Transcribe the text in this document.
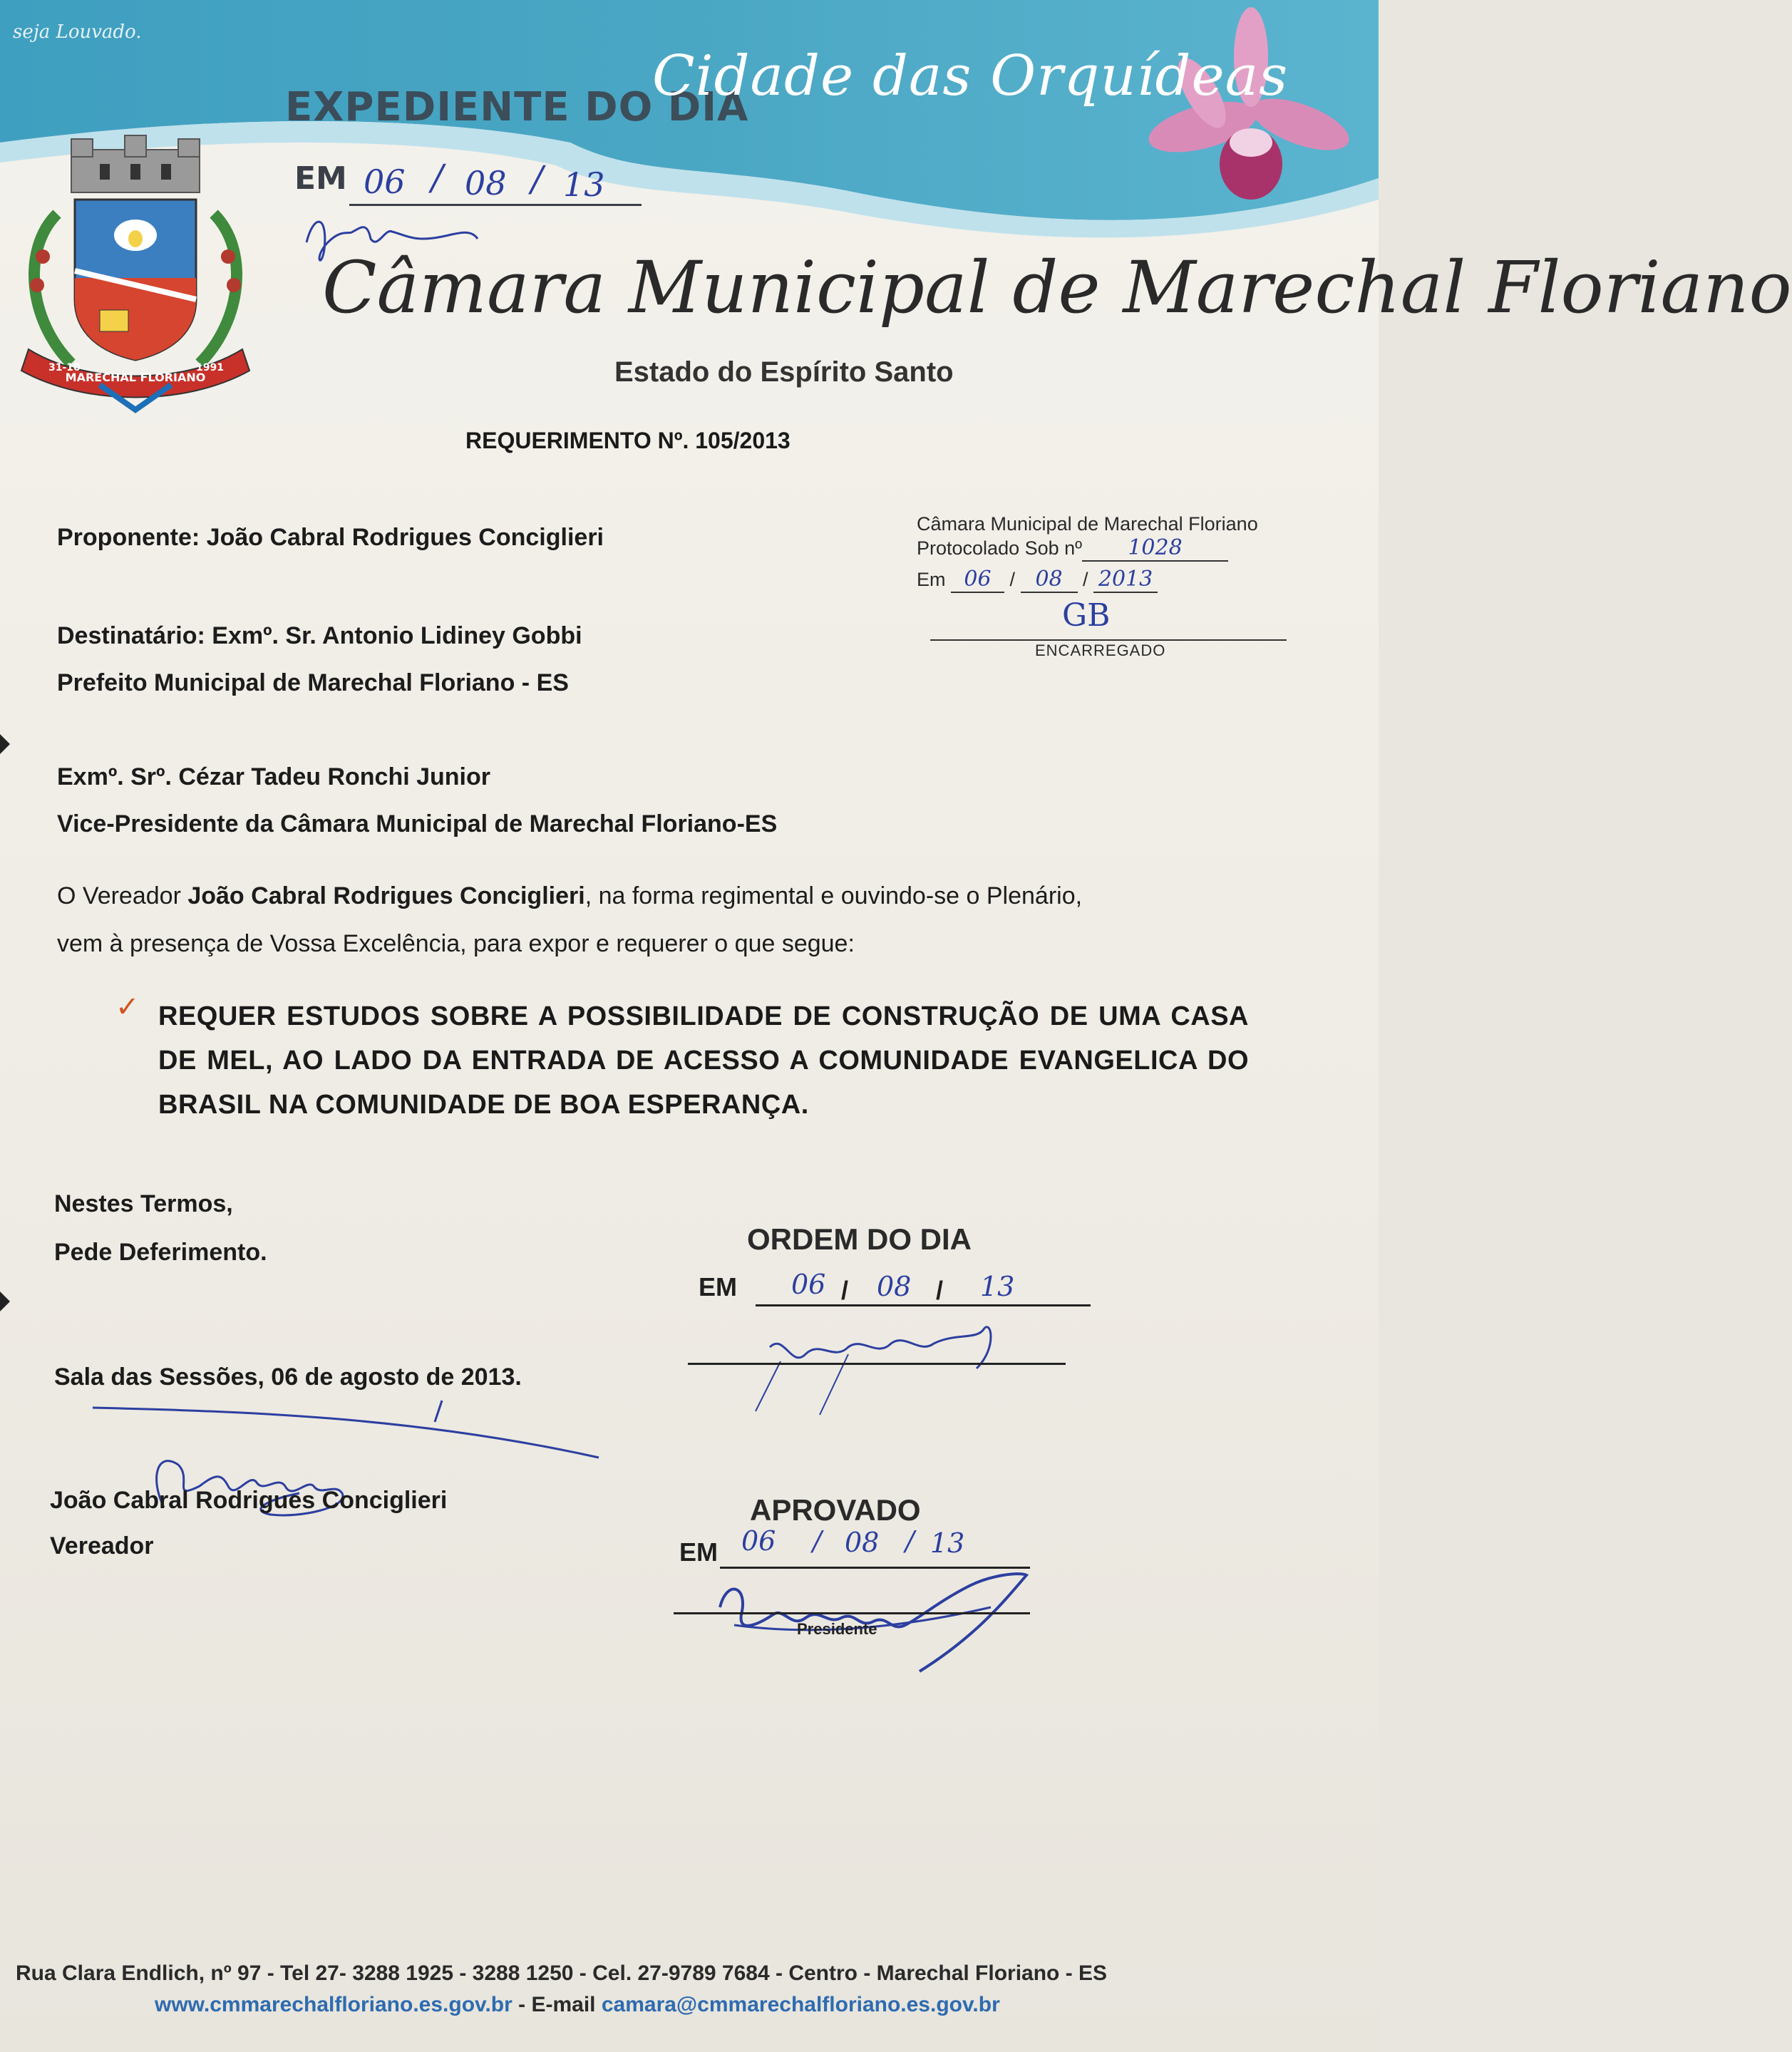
seja Louvado.
EXPEDIENTE DO DIA
Cidade das Orquídeas
EM 06 / 08 / 13
MARECHAL FLORIANO
31-10	1991
Câmara Municipal de Marechal Floriano
Estado do Espírito Santo
REQUERIMENTO Nº. 105/2013
Câmara Municipal de Marechal Floriano
Protocolado Sob nº 1028
Em 06 / 08 / 2013
GB
ENCARREGADO
Proponente: João Cabral Rodrigues Conciglieri
Destinatário: Exmº. Sr. Antonio Lidiney Gobbi
Prefeito Municipal de Marechal Floriano - ES
Exmº. Srº. Cézar Tadeu Ronchi Junior
Vice-Presidente da Câmara Municipal de Marechal Floriano-ES
O Vereador João Cabral Rodrigues Conciglieri, na forma regimental e ouvindo-se o Plenário,
vem à presença de Vossa Excelência, para expor e requerer o que segue:
✓ REQUER ESTUDOS SOBRE A POSSIBILIDADE DE CONSTRUÇÃO DE UMA CASA DE MEL, AO LADO DA ENTRADA DE ACESSO A COMUNIDADE EVANGELICA DO BRASIL NA COMUNIDADE DE BOA ESPERANÇA.
Nestes Termos,
Pede Deferimento.
Sala das Sessões, 06 de agosto de 2013.
João Cabral Rodrigues Conciglieri
Vereador
ORDEM DO DIA
EM	/	/
06 08	13
APROVADO
EM 06 / 08 / 13
Presidente
Rua Clara Endlich, nº 97 - Tel 27- 3288 1925 - 3288 1250 - Cel. 27-9789 7684 - Centro - Marechal Floriano - ES
www.cmmarechalfloriano.es.gov.br - E-mail camara@cmmarechalfloriano.es.gov.br
